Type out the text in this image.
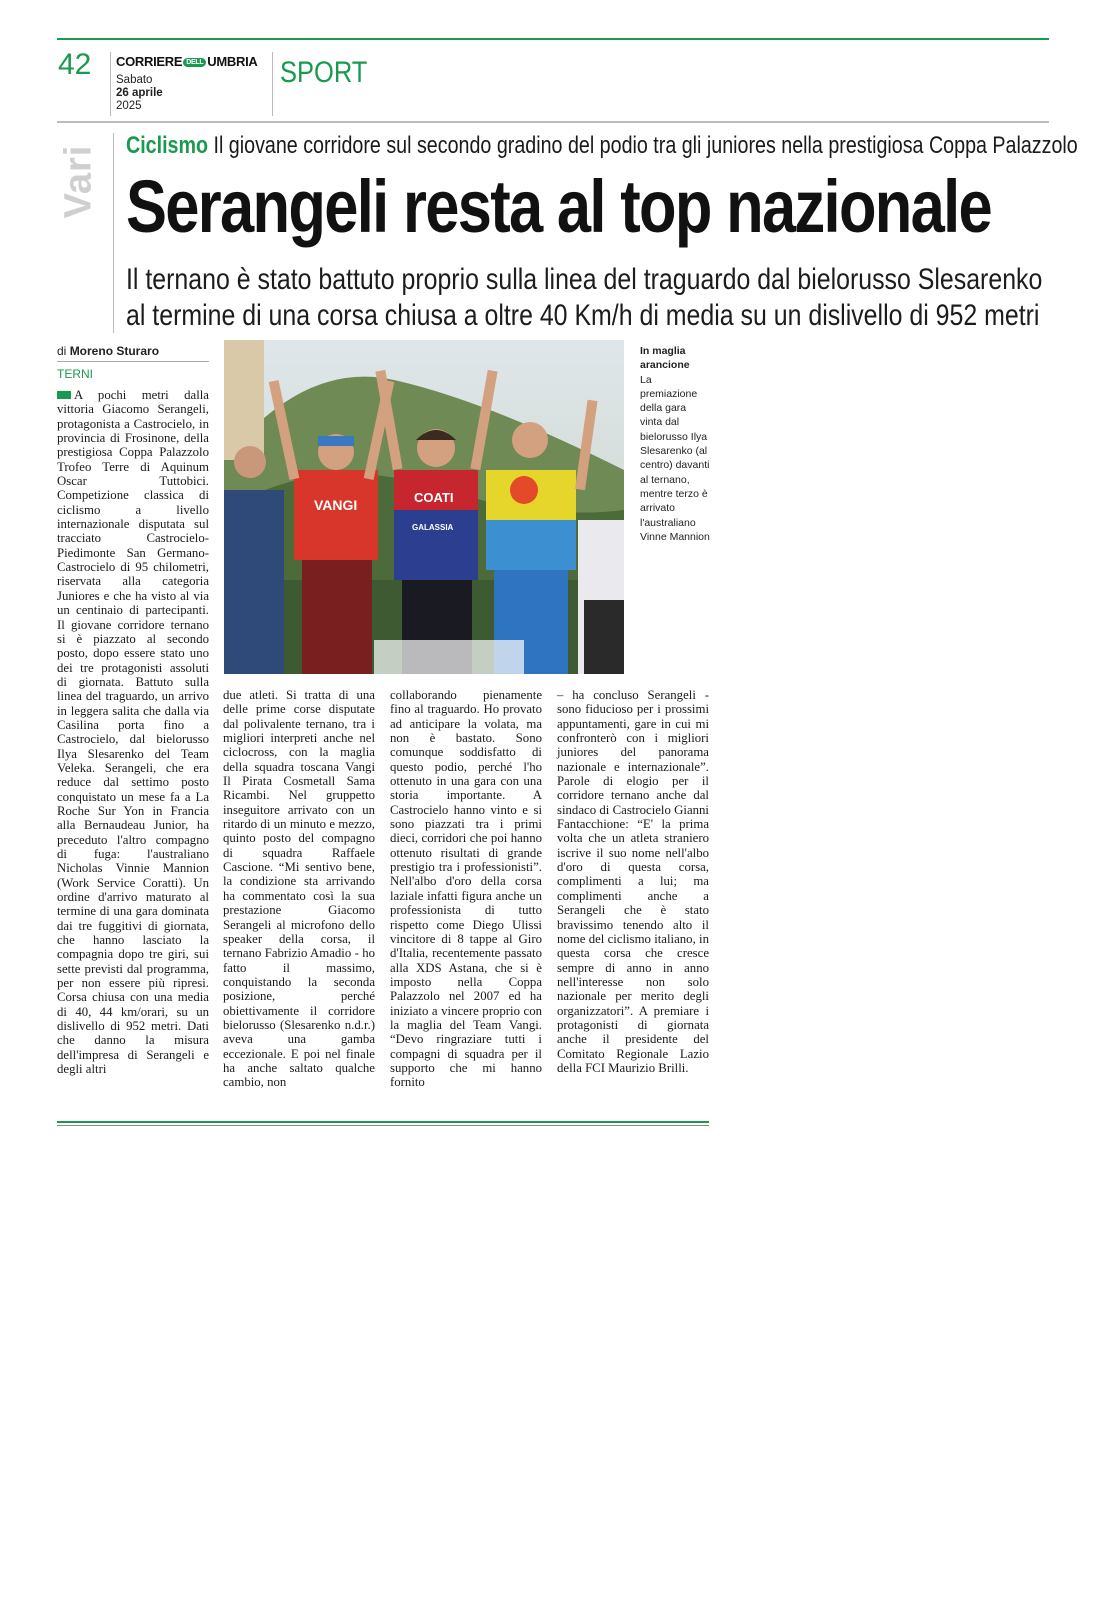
42 CORRIERE DELL UMBRIA
Sabato
26 aprile
2025
SPORT
Vari Ciclismo Il giovane corridore sul secondo gradino del podio tra gli juniores nella prestigiosa Coppa Palazzolo
Serangeli resta al top nazionale
Il ternano è stato battuto proprio sulla linea del traguardo dal bielorusso Slesarenko
al termine di una corsa chiusa a oltre 40 Km/h di media su un dislivello di 952 metri
di Moreno Sturaro
TERNI
A pochi metri dalla vittoria Giacomo Serangeli, protagonista a Castrocielo, in provincia di Frosinone, della prestigiosa Coppa Palazzolo Trofeo Terre di Aquinum Oscar Tuttobici. Competizione classica di ciclismo a livello internazionale disputata sul tracciato Castrocielo-Piedimonte San Germano-Castrocielo di 95 chilometri, riservata alla categoria Juniores e che ha visto al via un centinaio di partecipanti. Il giovane corridore ternano si è piazzato al secondo posto, dopo essere stato uno dei tre protagonisti assoluti di giornata. Battuto sulla linea del traguardo, un arrivo in leggera salita che dalla via Casilina porta fino a Castrocielo, dal bielorusso Ilya Slesarenko del Team Veleka. Serangeli, che era reduce dal settimo posto conquistato un mese fa a La Roche Sur Yon in Francia alla Bernaudeau Junior, ha preceduto l'altro compagno di fuga: l'australiano Nicholas Vinnie Mannion (Work Service Coratti). Un ordine d'arrivo maturato al termine di una gara dominata dai tre fuggitivi di giornata, che hanno lasciato la compagnia dopo tre giri, sui sette previsti dal programma, per non essere più ripresi. Corsa chiusa con una media di 40, 44 km/orari, su un dislivello di 952 metri. Dati che danno la misura dell'impresa di Serangeli e degli altri
VANGI	COATI
GALASSIA
In maglia arancione
La premiazione della gara vinta dal bielorusso Ilya Slesarenko (al centro) davanti al ternano, mentre terzo è arrivato l'australiano Vinne Mannion
due atleti. Si tratta di una delle prime corse disputate dal polivalente ternano, tra i migliori interpreti anche nel ciclocross, con la maglia della squadra toscana Vangi Il Pirata Cosmetall Sama Ricambi. Nel gruppetto inseguitore arrivato con un ritardo di un minuto e mezzo, quinto posto del compagno di squadra Raffaele Cascione. “Mi sentivo bene, la condizione sta arrivando ha commentato così la sua prestazione Giacomo Serangeli al microfono dello speaker della corsa, il ternano Fabrizio Amadio - ho fatto il massimo, conquistando la seconda posizione, perché obiettivamente il corridore bielorusso (Slesarenko n.d.r.) aveva una gamba eccezionale. E poi nel finale ha anche saltato qualche cambio, non
collaborando pienamente fino al traguardo. Ho provato ad anticipare la volata, ma non è bastato. Sono comunque soddisfatto di questo podio, perché l'ho ottenuto in una gara con una storia importante. A Castrocielo hanno vinto e si sono piazzati tra i primi dieci, corridori che poi hanno ottenuto risultati di grande prestigio tra i professionisti”. Nell'albo d'oro della corsa laziale infatti figura anche un professionista di tutto rispetto come Diego Ulissi vincitore di 8 tappe al Giro d'Italia, recentemente passato alla XDS Astana, che si è imposto nella Coppa Palazzolo nel 2007 ed ha iniziato a vincere proprio con la maglia del Team Vangi. “Devo ringraziare tutti i compagni di squadra per il supporto che mi hanno fornito
– ha concluso Serangeli - sono fiducioso per i prossimi appuntamenti, gare in cui mi confronterò con i migliori juniores del panorama nazionale e internazionale”. Parole di elogio per il corridore ternano anche dal sindaco di Castrocielo Gianni Fantacchione: “E' la prima volta che un atleta straniero iscrive il suo nome nell'albo d'oro di questa corsa, complimenti a lui; ma complimenti anche a Serangeli che è stato bravissimo tenendo alto il nome del ciclismo italiano, in questa corsa che cresce sempre di anno in anno nell'interesse non solo nazionale per merito degli organizzatori”. A premiare i protagonisti di giornata anche il presidente del Comitato Regionale Lazio della FCI Maurizio Brilli.
